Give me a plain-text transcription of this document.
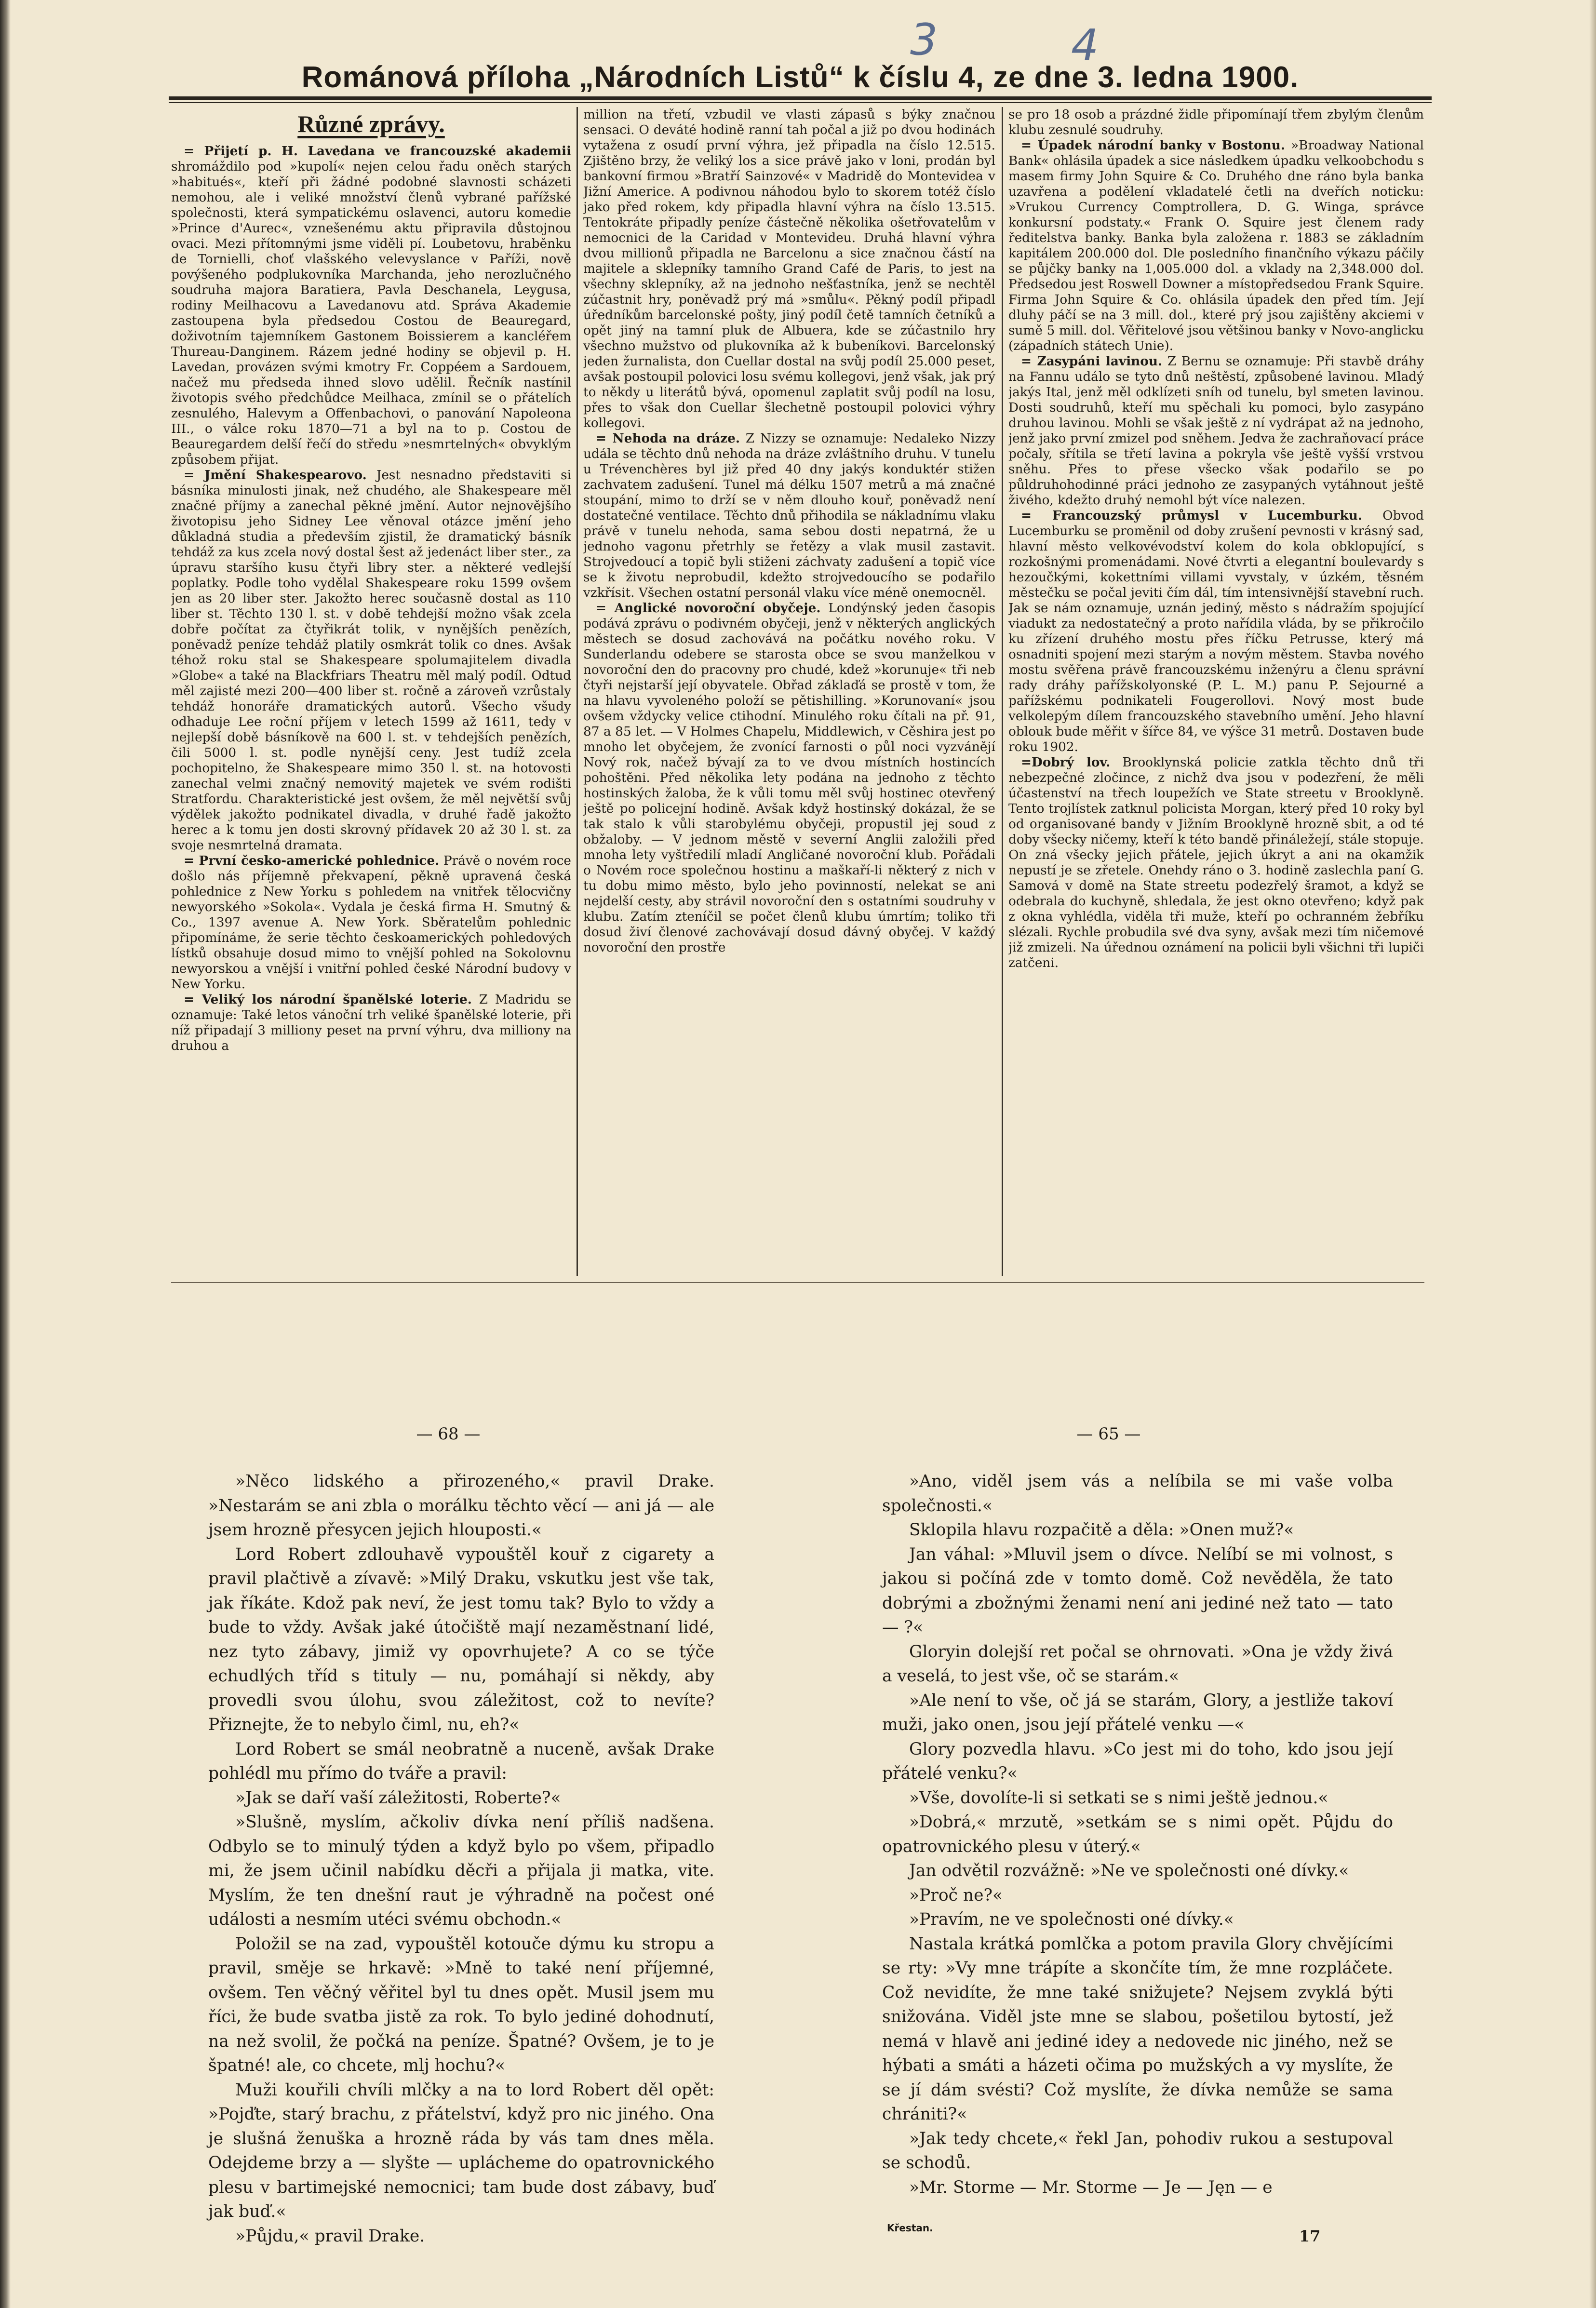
3	4
Románová příloha „Národních Listů“ k číslu 4, ze dne 3. ledna 1900.
Různé zprávy.

= Přijetí p. H. Lavedana ve francouzské akademii shromáždilo pod »kupolí« nejen celou řadu oněch starých »habitués«, kteří při žádné podobné slavnosti scházeti nemohou, ale i veliké množství členů vybrané pařížské společnosti, která sympatickému oslavenci, autoru komedie »Prince d'Aurec«, vznešenému aktu připravila důstojnou ovaci. Mezi přítomnými jsme viděli pí. Loubetovu, hraběnku de Tornielli, choť vlašského velevyslance v Paříži, nově povýšeného podplukovníka Marchanda, jeho nerozlučného soudruha majora Baratiera, Pavla Deschanela, Leygusa, rodiny Meilhacovu a Lavedanovu atd. Správa Akademie zastoupena byla předsedou Costou de Beauregard, doživotním tajemníkem Gastonem Boissierem a kancléřem Thureau-Danginem. Rázem jedné hodiny se objevil p. H. Lavedan, provázen svými kmotry Fr. Coppéem a Sardouem, načež mu předseda ihned slovo udělil. Řečník nastínil životopis svého předchůdce Meilhaca, zmínil se o přátelích zesnulého, Halevym a Offenbachovi, o panování Napoleona III., o válce roku 1870—71 a byl na to p. Costou de Beauregardem delší řečí do středu »nesmrtelných« obvyklým způsobem přijat.

= Jmění Shakespearovo. Jest nesnadno představiti si básníka minulosti jinak, než chudého, ale Shakespeare měl značné příjmy a zanechal pěkné jmění. Autor nejnovějšího životopisu jeho Sidney Lee věnoval otázce jmění jeho důkladná studia a především zjistil, že dramatický básník tehdáž za kus zcela nový dostal šest až jedenáct liber ster., za úpravu staršího kusu čtyři libry ster. a některé vedlejší poplatky. Podle toho vydělal Shakespeare roku 1599 ovšem jen as 20 liber ster. Jakožto herec současně dostal as 110 liber st. Těchto 130 l. st. v době tehdejší možno však zcela dobře počítat za čtyřikrát tolik, v nynějších penězích, poněvadž peníze tehdáž platily osmkrát tolik co dnes. Avšak téhož roku stal se Shakespeare spolumajitelem divadla »Globe« a také na Blackfriars Theatru měl malý podíl. Odtud měl zajisté mezi 200—400 liber st. ročně a zároveň vzrůstaly tehdáž honoráře dramatických autorů. Všecho všudy odhaduje Lee roční příjem v letech 1599 až 1611, tedy v nejlepší době básníkově na 600 l. st. v tehdejších penězích, čili 5000 l. st. podle nynější ceny. Jest tudíž zcela pochopitelno, že Shakespeare mimo 350 l. st. na hotovosti zanechal velmi značný nemovitý majetek ve svém rodišti Stratfordu. Charakteristické jest ovšem, že měl největší svůj výdělek jakožto podnikatel divadla, v druhé řadě jakožto herec a k tomu jen dosti skrovný přídavek 20 až 30 l. st. za svoje nesmrtelná dramata.

= První česko-americké pohlednice. Právě o novém roce došlo nás příjemně překvapení, pěkně upravená česká pohlednice z New Yorku s pohledem na vnitřek tělocvičny newyorského »Sokola«. Vydala je česká firma H. Smutný & Co., 1397 avenue A. New York. Sběratelům pohlednic připomínáme, že serie těchto českoamerických pohledových lístků obsahuje dosud mimo to vnější pohled na Sokolovnu newyorskou a vnější i vnitřní pohled české Národní budovy v New Yorku.

= Veliký los národní španělské loterie. Z Madridu se oznamuje: Také letos vánoční trh veliké španělské loterie, při níž připadají 3 milliony peset na první výhru, dva milliony na druhou a

million na třetí, vzbudil ve vlasti zápasů s býky značnou sensaci. O deváté hodině ranní tah počal a již po dvou hodinách vytažena z osudí první výhra, jež připadla na číslo 12.515. Zjištěno brzy, že veliký los a sice právě jako v loni, prodán byl bankovní firmou »Bratří Sainzové« v Madridě do Montevidea v Jižní Americe. A podivnou náhodou bylo to skorem totéž číslo jako před rokem, kdy připadla hlavní výhra na číslo 13.515. Tentokráte připadly peníze částečně několika ošetřovatelům v nemocnici de la Caridad v Montevideu. Druhá hlavní výhra dvou millionů připadla ne Barcelonu a sice značnou částí na majitele a sklepníky tamního Grand Café de Paris, to jest na všechny sklepníky, až na jednoho nešťastníka, jenž se nechtěl zúčastnit hry, poněvadž prý má »smůlu«. Pěkný podíl připadl úředníkům barcelonské pošty, jiný podíl četě tamních četníků a opět jiný na tamní pluk de Albuera, kde se zúčastnilo hry všechno mužstvo od plukovníka až k bubeníkovi. Barcelonský jeden žurnalista, don Cuellar dostal na svůj podíl 25.000 peset, avšak postoupil polovici losu svému kollegovi, jenž však, jak prý to někdy u literátů bývá, opomenul zaplatit svůj podíl na losu, přes to však don Cuellar šlechetně postoupil polovici výhry kollegovi.

= Nehoda na dráze. Z Nizzy se oznamuje: Nedaleko Nizzy udála se těchto dnů nehoda na dráze zvláštního druhu. V tunelu u Trévenchères byl již před 40 dny jakýs konduktér stižen zachvatem zadušení. Tunel má délku 1507 metrů a má značné stoupání, mimo to drží se v něm dlouho kouř, poněvadž není dostatečné ventilace. Těchto dnů přihodila se nákladnímu vlaku právě v tunelu nehoda, sama sebou dosti nepatrná, že u jednoho vagonu přetrhly se řetězy a vlak musil zastavit. Strojvedoucí a topič byli stiženi záchvaty zadušení a topič více se k životu neprobudil, kdežto strojvedoucího se podařilo vzkřísit. Všechen ostatní personál vlaku více méně onemocněl.

= Anglické novoroční obyčeje. Londýnský jeden časopis podává zprávu o podivném obyčeji, jenž v některých anglických městech se dosud zachovává na počátku nového roku. V Sunderlandu odebere se starosta obce se svou manželkou v novoroční den do pracovny pro chudé, kdež »korunuje« tři neb čtyři nejstarší její obyvatele. Obřad záklaďá se prostě v tom, že na hlavu vyvoleného položí se pětishilling. »Korunovaní« jsou ovšem vždycky velice ctihodní. Minulého roku čítali na př. 91, 87 a 85 let. — V Holmes Chapelu, Middlewich, v Cěshira jest po mnoho let obyčejem, že zvonící farnosti o půl noci vyzvánějí Nový rok, načež bývají za to ve dvou místních hostincích pohoštěni. Před několika lety podána na jednoho z těchto hostinských žaloba, že k vůli tomu měl svůj hostinec otevřený ještě po policejní hodině. Avšak když hostinský dokázal, že se tak stalo k vůli starobylému obyčeji, propustil jej soud z obžaloby. — V jednom městě v severní Anglii založili před mnoha lety vyštředilí mladí Angličané novoroční klub. Pořádali o Novém roce společnou hostinu a maškaří-li některý z nich v tu dobu mimo město, bylo jeho povinností, nelekat se ani nejdelší cesty, aby strávil novoroční den s ostatními soudruhy v klubu. Zatím zteníčil se počet členů klubu úmrtím; toliko tři dosud živí členové zachovávají dosud dávný obyčej. V každý novoroční den prostře

se pro 18 osob a prázdné židle připomínají třem zbylým členům klubu zesnulé soudruhy.

= Úpadek národní banky v Bostonu. »Broadway National Bank« ohlásila úpadek a sice následkem úpadku velkoobchodu s masem firmy John Squire & Co. Druhého dne ráno byla banka uzavřena a podělení vkladatelé četli na dveřích noticku: »Vrukou Currency Comptrollera, D. G. Winga, správce konkursní podstaty.« Frank O. Squire jest členem rady ředitelstva banky. Banka byla založena r. 1883 se základním kapitálem 200.000 dol. Dle posledního finančního výkazu páčily se půjčky banky na 1,005.000 dol. a vklady na 2,348.000 dol. Předsedou jest Roswell Downer a místopředsedou Frank Squire. Firma John Squire & Co. ohlásila úpadek den před tím. Její dluhy páčí se na 3 mill. dol., které prý jsou zajištěny akciemi v sumě 5 mill. dol. Věřitelové jsou většinou banky v Novo-anglicku (západních státech Unie).

= Zasypáni lavinou. Z Bernu se oznamuje: Při stavbě dráhy na Fannu událo se tyto dnů neštěstí, způsobené lavinou. Mladý jakýs Ital, jenž měl odklízeti sníh od tunelu, byl smeten lavinou. Dosti soudruhů, kteří mu spěchali ku pomoci, bylo zasypáno druhou lavinou. Mohli se však ještě z ní vydrápat až na jednoho, jenž jako první zmizel pod sněhem. Jedva že zachraňovací práce počaly, sřítila se třetí lavina a pokryla vše ještě vyšší vrstvou sněhu. Přes to přese všecko však podařilo se po půldruhohodinné práci jednoho ze zasypaných vytáhnout ještě živého, kdežto druhý nemohl být více nalezen.

= Francouzský průmysl v Lucemburku. Obvod Lucemburku se proměnil od doby zrušení pevnosti v krásný sad, hlavní město velkovévodství kolem do kola obklopující, s rozkošnými promenádami. Nové čtvrti a elegantní boulevardy s hezoučkými, kokettními villami vyvstaly, v úzkém, těsném městečku se počal jeviti čím dál, tím intensivnější stavební ruch. Jak se nám oznamuje, uznán jediný, město s nádražím spojující viadukt za nedostatečný a proto nařídila vláda, by se přikročilo ku zřízení druhého mostu přes říčku Petrusse, který má osnadniti spojení mezi starým a novým městem. Stavba nového mostu svěřena právě francouzskému inženýru a členu správní rady dráhy pařížskolyonské (P. L. M.) panu P. Sejourné a pařížskému podnikateli Fougerollovi. Nový most bude velkolepým dílem francouzského stavebního umění. Jeho hlavní oblouk bude měřit v šířce 84, ve výšce 31 metrů. Dostaven bude roku 1902.

=Dobrý lov. Brooklynská policie zatkla těchto dnů tři nebezpečné zločince, z nichž dva jsou v podezření, že měli účastenství na třech loupežích ve State streetu v Brooklyně. Tento trojlístek zatknul policista Morgan, který před 10 roky byl od organisované bandy v Jižním Brooklyně hrozně sbit, a od té doby všecky ničemy, kteří k této bandě přináležejí, stále stopuje. On zná všecky jejich přátele, jejich úkryt a ani na okamžik nepustí je se zřetele. Onehdy ráno o 3. hodině zaslechla paní G. Samová v domě na State streetu podezřelý šramot, a když se odebrala do kuchyně, shledala, že jest okno otevřeno; když pak z okna vyhlédla, viděla tři muže, kteří po ochranném žebříku slézali. Rychle probudila své dva syny, avšak mezi tím ničemové již zmizeli. Na úřednou oznámení na policii byli všichni tři lupiči zatčeni.

— 68 —	— 65 —

»Něco lidského a přirozeného,« pravil Drake. »Nestarám se ani zbla o morálku těchto věcí — ani já — ale jsem hrozně přesycen jejich hlouposti.«

Lord Robert zdlouhavě vypouštěl kouř z cigarety a pravil plačtivě a zívavě: »Milý Draku, vskutku jest vše tak, jak říkáte. Kdož pak neví, že jest tomu tak? Bylo to vždy a bude to vždy. Avšak jaké útočiště mají nezaměstnaní lidé, nez tyto zábavy, jimiž vy opovrhujete? A co se týče echudlých tříd s tituly — nu, pomáhají si někdy, aby provedli svou úlohu, svou záležitost, což to nevíte? Přiznejte, že to nebylo čiml, nu, eh?«

Lord Robert se smál neobratně a nuceně, avšak Drake pohlédl mu přímo do tváře a pravil:

»Jak se daří vaší záležitosti, Roberte?«

»Slušně, myslím, ačkoliv dívka není příliš nadšena. Odbylo se to minulý týden a když bylo po všem, připadlo mi, že jsem učinil nabídku děcři a přijala ji matka, vite. Myslím, že ten dnešní raut je výhradně na počest oné události a nesmím utéci svému obchodn.«

Položil se na zad, vypouštěl kotouče dýmu ku stropu a pravil, směje se hrkavě: »Mně to také není příjemné, ovšem. Ten věčný věřitel byl tu dnes opět. Musil jsem mu říci, že bude svatba jistě za rok. To bylo jediné dohodnutí, na než svolil, že počká na peníze. Špatné? Ovšem, je to je špatné! ale, co chcete, mlj hochu?«

Muži kouřili chvíli mlčky a na to lord Robert děl opět: »Pojďte, starý brachu, z přátelství, když pro nic jiného. Ona je slušná ženuška a hrozně ráda by vás tam dnes měla. Odejdeme brzy a — slyšte — uplácheme do opatrovnického plesu v bartimejské nemocnici; tam bude dost zábavy, buď jak buď.«

»Půjdu,« pravil Drake.

»Ano, viděl jsem vás a nelíbila se mi vaše volba společnosti.«

Sklopila hlavu rozpačitě a děla: »Onen muž?«

Jan váhal: »Mluvil jsem o dívce. Nelíbí se mi volnost, s jakou si počíná zde v tomto domě. Což nevěděla, že tato dobrými a zbožnými ženami není ani jediné než tato — tato — ?«

Gloryin dolejší ret počal se ohrnovati. »Ona je vždy živá a veselá, to jest vše, oč se starám.«

»Ale není to vše, oč já se starám, Glory, a jestliže takoví muži, jako onen, jsou její přátelé venku —«

Glory pozvedla hlavu. »Co jest mi do toho, kdo jsou její přátelé venku?«

»Vše, dovolíte-li si setkati se s nimi ještě jednou.«

»Dobrá,« mrzutě, »setkám se s nimi opět. Půjdu do opatrovnického plesu v úterý.«

Jan odvětil rozvážně: »Ne ve společnosti oné dívky.«

»Proč ne?«

»Pravím, ne ve společnosti oné dívky.«

Nastala krátká pomlčka a potom pravila Glory chvějícími se rty: »Vy mne trápíte a skončíte tím, že mne rozpláčete. Což nevidíte, že mne také snižujete? Nejsem zvyklá býti snižována. Viděl jste mne se slabou, pošetilou bytostí, jež nemá v hlavě ani jediné idey a nedovede nic jiného, než se hýbati a smáti a házeti očima po mužských a vy myslíte, že se jí dám svésti? Což myslíte, že dívka nemůže se sama chrániti?«

»Jak tedy chcete,« řekl Jan, pohodiv rukou a sestupoval se schodů.

»Mr. Storme — Mr. Storme — Je — Jęn — e

Křestan.	17
